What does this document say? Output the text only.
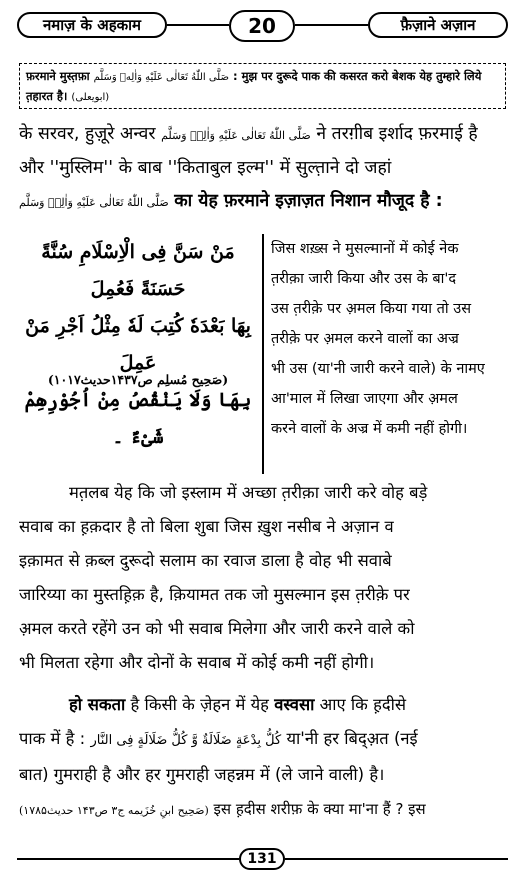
नमाज़ के अहकाम	20	फ़ैज़ाने अज़ान
फ़रमाने मुस्त़फ़ा صَلَّى اللّٰهُ تَعَالٰى عَلَيْهِ وَاٰلِهٖ وَسَلَّم : मुझ पर दुरूदे पाक की कसरत करो बेशक येह तुम्हारे लिये त़हारत है। (ابویعلی)
के सरवर, हुज़ूरे अन्वर صَلَّى اللّٰهُ تَعَالٰى عَلَيْهِ وَاٰلِهٖ وَسَلَّم ने तरग़ीब इर्शाद फ़रमाई है
और ''मुस्लिम'' के बाब ''किताबुल इल्म'' में सुल्त़ाने दो जहां
صَلَّى اللّٰهُ تَعَالٰى عَلَيْهِ وَاٰلِهٖ وَسَلَّم का येह फ़रमाने इज़ाज़त निशान मौजूद है :
مَنْ سَنَّ فِی الْاِسْلَامِ سُنَّةً حَسَنَةً فَعُمِلَ
بِهَا بَعْدَهٗ كُتِبَ لَهٗ مِثْلُ اَجْرِ مَنْ عَمِلَ
بِهَا وَلَا يَنْقُصُ مِنْ اُجُوْرِهِمْ شَیْءٌ ۔
(صَحِیح مُسلِم ص۱۴۳۷حدیث۱۰۱۷)
जिस शख़्स ने मुसल्मानों में कोई नेक
त़रीक़ा जारी किया और उस के बा'द
उस त़रीक़े पर अ़मल किया गया तो उस
त़रीक़े पर अ़मल करने वालों का अज्र
भी उस (या'नी जारी करने वाले) के नामए
आ'माल में लिखा जाएगा और अ़मल
करने वालों के अज्र में कमी नहीं होगी।
मत़लब येह कि जो इस्लाम में अच्छा त़रीक़ा जारी करे वोह बड़े
सवाब का ह़क़दार है तो बिला शुबा जिस ख़ुश नसीब ने अज़ान व
इक़ामत से क़ब्ल दुरूदो सलाम का रवाज डाला है वोह भी सवाबे
जारिय्या का मुस्तह़िक़ है, क़ियामत तक जो मुसल्मान इस त़रीक़े पर
अ़मल करते रहेंगे उन को भी सवाब मिलेगा और जारी करने वाले को
भी मिलता रहेगा और दोनों के सवाब में कोई कमी नहीं होगी।
हो सकता है किसी के ज़ेहन में येह वस्वसा आए कि ह़दीसे
पाक में है : كُلُّ بِدْعَةٍ ضَلَالَةٌ وَّ كُلُّ ضَلَالَةٍ فِی النَّار या'नी हर बिद्अ़त (नई
बात) गुमराही है और हर गुमराही जहन्नम में (ले जाने वाली) है।
(صَحِیح ابنِ خُزَیمه ج۳ ص۱۴۳ حدیث۱۷۸۵) इस ह़दीस शरीफ़ के क्या मा'ना हैं ? इस
131
